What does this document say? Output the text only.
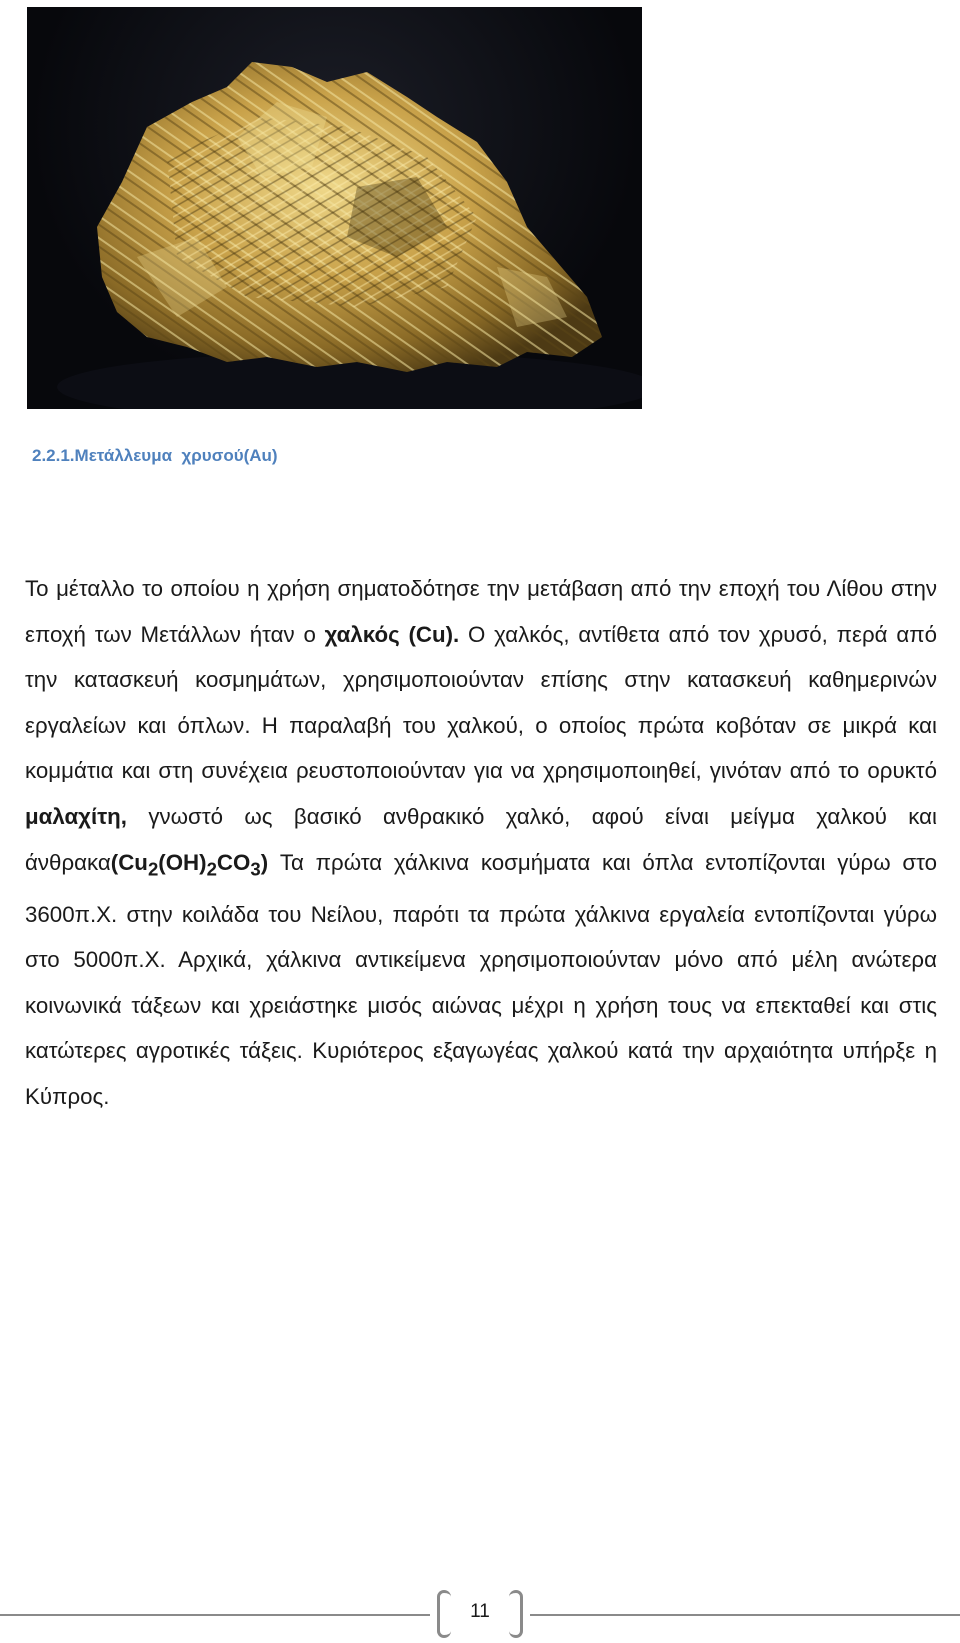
2.2.1.Μετάλλευμα  χρυσού(Au)

Το μέταλλο το οποίου η χρήση σηματοδότησε την μετάβαση από την εποχή του Λίθου στην εποχή των Μετάλλων ήταν ο χαλκός (Cu). Ο χαλκός, αντίθετα από τον χρυσό, περά από την κατασκευή κοσμημάτων, χρησιμοποιούνταν επίσης στην κατασκευή καθημερινών εργαλείων και όπλων. Η παραλαβή του χαλκού, ο οποίος πρώτα κοβόταν σε μικρά και κομμάτια και στη συνέχεια ρευστοποιούνταν για να χρησιμοποιηθεί, γινόταν από το ορυκτό μαλαχίτη, γνωστό ως βασικό ανθρακικό χαλκό, αφού είναι μείγμα χαλκού και $ά\nu\theta\rho\alpha\kappa\alpha(Cu_2(OH)_2CO_3)$ Τα πρώτα χάλκινα κοσμήματα και όπλα εντοπίζονται γύρω στο 3600π.Χ. στην κοιλάδα του Νείλου, παρότι τα πρώτα χάλκινα εργαλεία εντοπίζονται γύρω στο 5000π.Χ. Αρχικά, χάλκινα αντικείμενα χρησιμοποιούνταν μόνο από μέλη ανώτερα κοινωνικά τάξεων και χρειάστηκε μισός αιώνας μέχρι η χρήση τους να επεκταθεί και στις κατώτερες αγροτικές τάξεις. Κυριότερος εξαγωγέας χαλκού κατά την αρχαιότητα υπήρξε η Κύπρος.

11
